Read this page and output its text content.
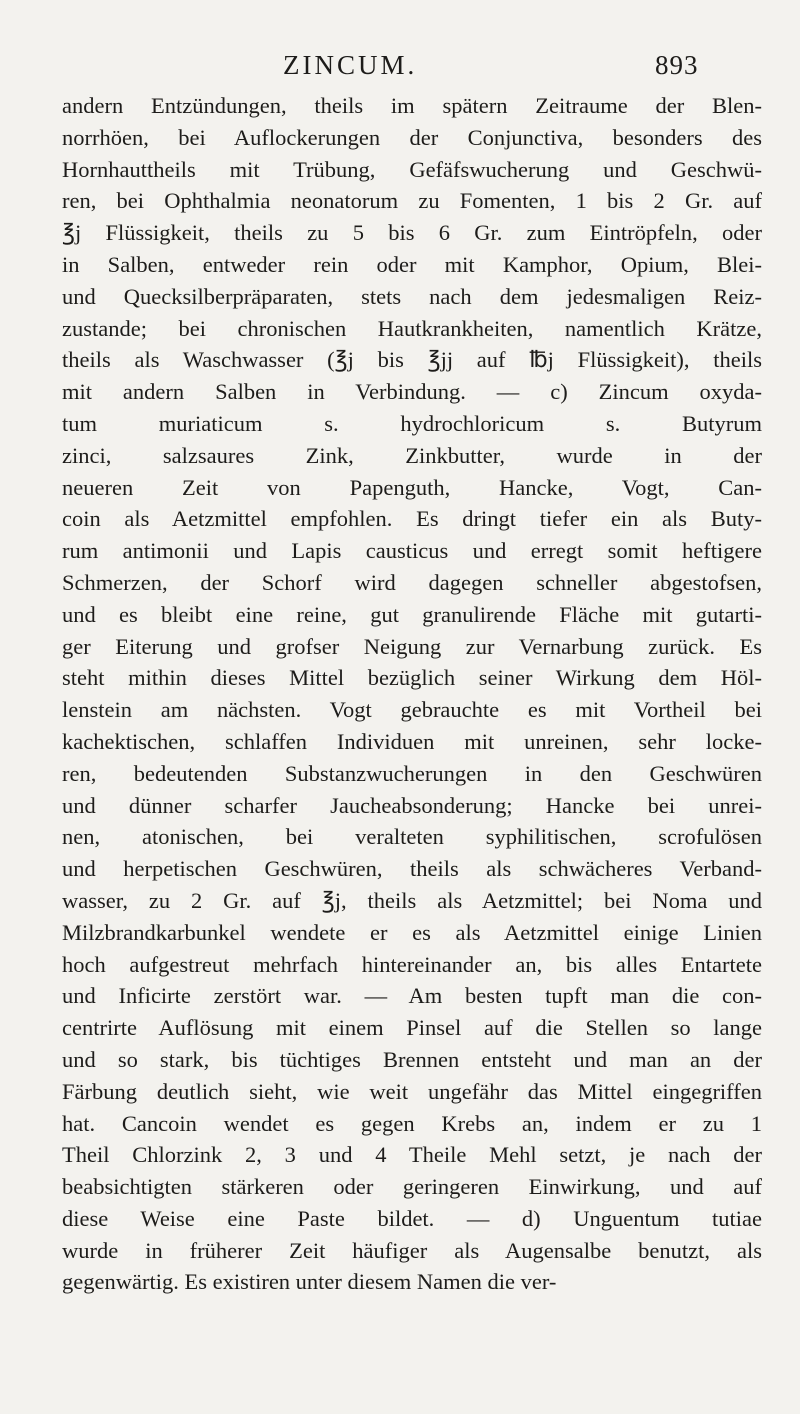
ZINCUM.	893
andern Entzündungen, theils im spätern Zeitraume der Blen-
norrhöen, bei Auflockerungen der Conjunctiva, besonders des
Hornhauttheils mit Trübung, Gefäfswucherung und Geschwü-
ren, bei Ophthalmia neonatorum zu Fomenten, 1 bis 2 Gr. auf
℥j Flüssigkeit, theils zu 5 bis 6 Gr. zum Eintröpfeln, oder
in Salben, entweder rein oder mit Kamphor, Opium, Blei-
und Quecksilberpräparaten, stets nach dem jedesmaligen Reiz-
zustande; bei chronischen Hautkrankheiten, namentlich Krätze,
theils als Waschwasser (℥j bis ℥jj auf ℔j Flüssigkeit), theils
mit andern Salben in Verbindung. — c) Zincum oxyda-
tum muriaticum s. hydrochloricum s. Butyrum
zinci, salzsaures Zink, Zinkbutter, wurde in der
neueren Zeit von Papenguth, Hancke, Vogt, Can-
coin als Aetzmittel empfohlen. Es dringt tiefer ein als Buty-
rum antimonii und Lapis causticus und erregt somit heftigere
Schmerzen, der Schorf wird dagegen schneller abgestofsen,
und es bleibt eine reine, gut granulirende Fläche mit gutarti-
ger Eiterung und grofser Neigung zur Vernarbung zurück. Es
steht mithin dieses Mittel bezüglich seiner Wirkung dem Höl-
lenstein am nächsten. Vogt gebrauchte es mit Vortheil bei
kachektischen, schlaffen Individuen mit unreinen, sehr locke-
ren, bedeutenden Substanzwucherungen in den Geschwüren
und dünner scharfer Jaucheabsonderung; Hancke bei unrei-
nen, atonischen, bei veralteten syphilitischen, scrofulösen
und herpetischen Geschwüren, theils als schwächeres Verband-
wasser, zu 2 Gr. auf ℥j, theils als Aetzmittel; bei Noma und
Milzbrandkarbunkel wendete er es als Aetzmittel einige Linien
hoch aufgestreut mehrfach hintereinander an, bis alles Entartete
und Inficirte zerstört war. — Am besten tupft man die con-
centrirte Auflösung mit einem Pinsel auf die Stellen so lange
und so stark, bis tüchtiges Brennen entsteht und man an der
Färbung deutlich sieht, wie weit ungefähr das Mittel eingegriffen
hat. Cancoin wendet es gegen Krebs an, indem er zu 1
Theil Chlorzink 2, 3 und 4 Theile Mehl setzt, je nach der
beabsichtigten stärkeren oder geringeren Einwirkung, und auf
diese Weise eine Paste bildet. — d) Unguentum tutiae
wurde in früherer Zeit häufiger als Augensalbe benutzt, als
gegenwärtig. Es existiren unter diesem Namen die ver-
